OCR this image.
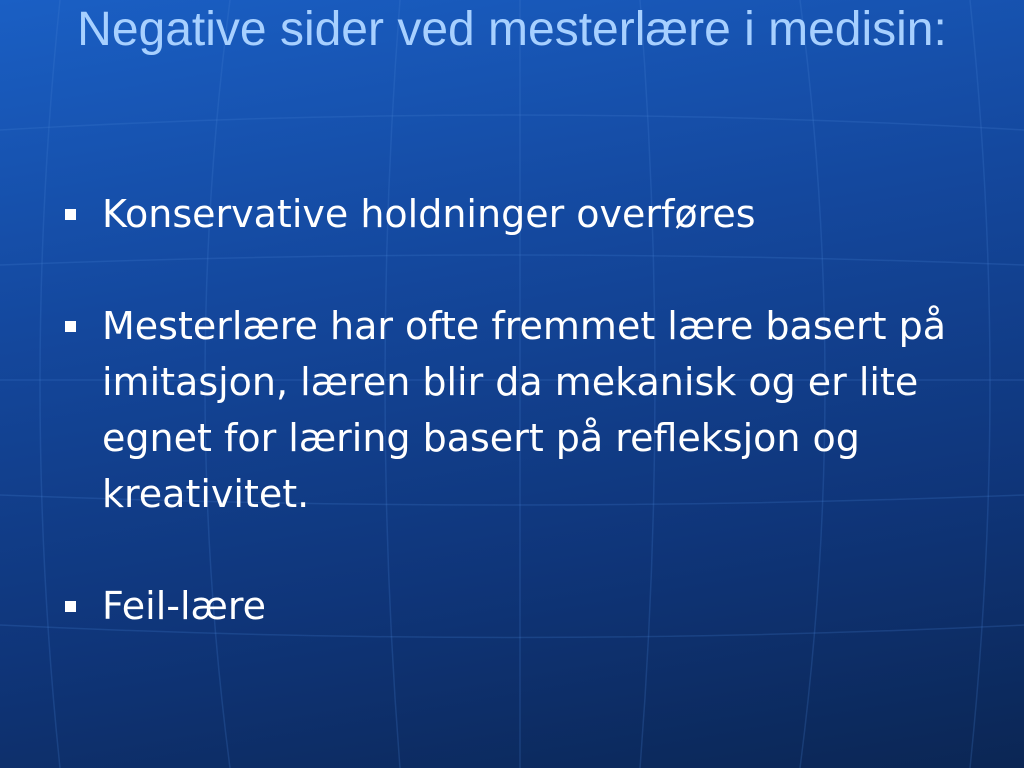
Negative sider ved mesterlære i medisin:
Konservative holdninger overføres
Mesterlære har ofte fremmet lære basert på imitasjon, læren blir da mekanisk og er lite egnet for læring basert på refleksjon og kreativitet.
Feil-lære
